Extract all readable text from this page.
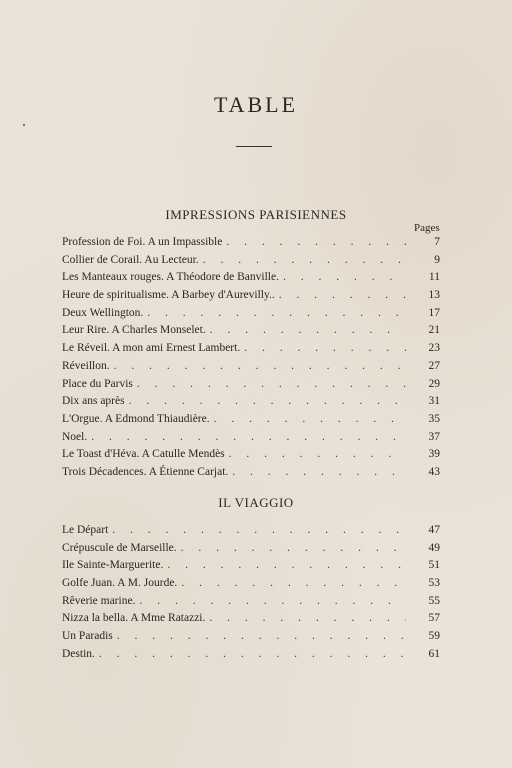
TABLE
IMPRESSIONS PARISIENNES
Pages
Profession de Foi. A un Impassible . . .	7
Collier de Corail. Au Lecteur. . . .	9
Les Manteaux rouges. A Théodore de Banville. . . .	11
Heure de spiritualisme. A Barbey d'Aurevilly.. . . .	13
Deux Wellington. . . .	17
Leur Rire. A Charles Monselet. . . .	21
Le Réveil. A mon ami Ernest Lambert. . . .	23
Réveillon. . . .	27
Place du Parvis . . .	29
Dix ans après . . .	31
L'Orgue. A Edmond Thiaudière. . . .	35
Noel. . . .	37
Le Toast d'Héva. A Catulle Mendès . . .	39
Trois Décadences. A Étienne Carjat. . . .	43
IL VIAGGIO
Le Départ . . .	47
Crépuscule de Marseille. . . .	49
Ile Sainte-Marguerite. . . .	51
Golfe Juan. A M. Jourde. . . .	53
Rêverie marine. . . .	55
Nizza la bella. A Mme Ratazzi. . . .	57
Un Paradis . . .	59
Destin. . . .	61
